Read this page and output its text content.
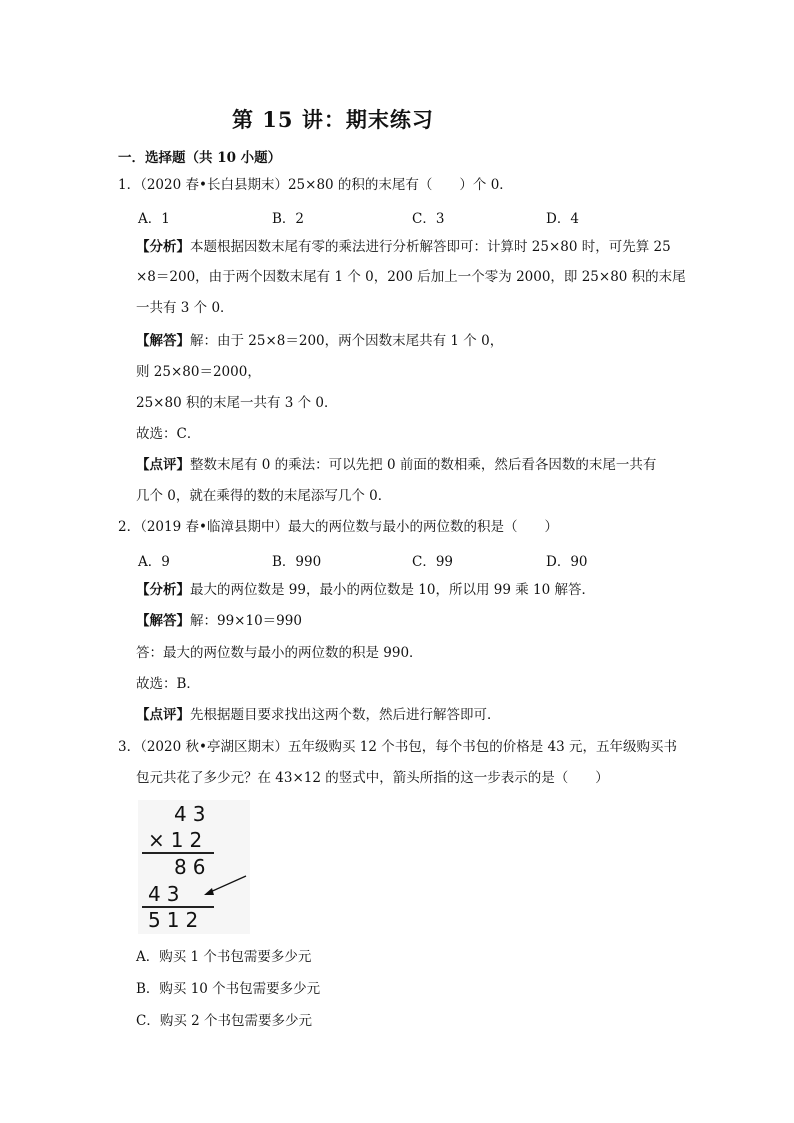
第 15 讲：期末练习
一．选择题（共 10 小题）
1．（2020 春•长白县期末）25×80 的积的末尾有（　　）个 0．
A．1	B．2	C．3	D．4
【分析】本题根据因数末尾有零的乘法进行分析解答即可：计算时 25×80 时，可先算 25
×8＝200，由于两个因数末尾有 1 个 0，200 后加上一个零为 2000，即 25×80 积的末尾
一共有 3 个 0．
【解答】解：由于 25×8＝200，两个因数末尾共有 1 个 0，
则 25×80＝2000，
25×80 积的末尾一共有 3 个 0．
故选：C．
【点评】整数末尾有 0 的乘法：可以先把 0 前面的数相乘，然后看各因数的末尾一共有
几个 0，就在乘得的数的末尾添写几个 0．
2．（2019 春•临漳县期中）最大的两位数与最小的两位数的积是（　　）
A．9	B．990	C．99	D．90
【分析】最大的两位数是 99，最小的两位数是 10，所以用 99 乘 10 解答．
【解答】解：99×10＝990
答：最大的两位数与最小的两位数的积是 990．
故选：B．
【点评】先根据题目要求找出这两个数，然后进行解答即可．
3．（2020 秋•亭湖区期末）五年级购买 12 个书包，每个书包的价格是 43 元，五年级购买书
包元共花了多少元？在 43×12 的竖式中，箭头所指的这一步表示的是（　　）
43
×12
86
43
512
A．购买 1 个书包需要多少元
B．购买 10 个书包需要多少元
C．购买 2 个书包需要多少元
